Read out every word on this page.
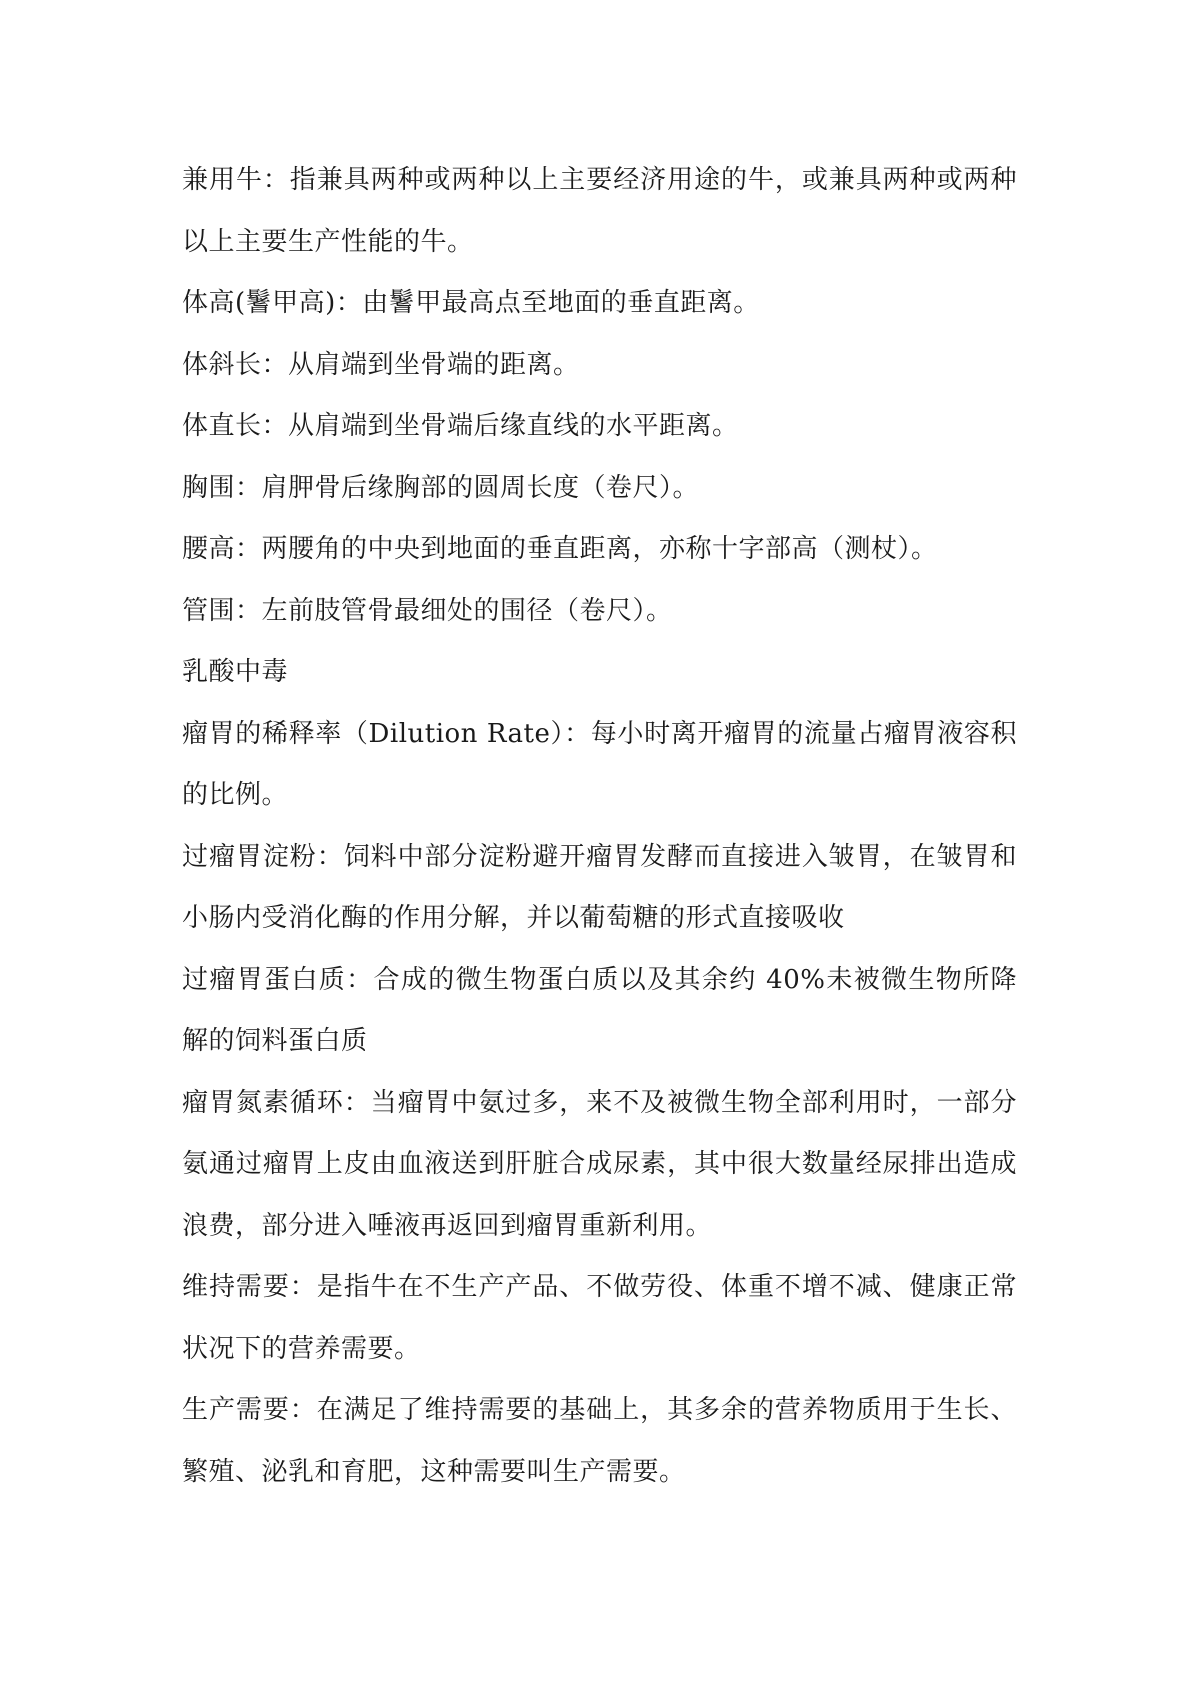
兼用牛：指兼具两种或两种以上主要经济用途的牛，或兼具两种或两种以上主要生产性能的牛。

体高(鬐甲高)：由鬐甲最高点至地面的垂直距离。

体斜长：从肩端到坐骨端的距离。

体直长：从肩端到坐骨端后缘直线的水平距离。

胸围：肩胛骨后缘胸部的圆周长度（卷尺）。

腰高：两腰角的中央到地面的垂直距离，亦称十字部高（测杖）。

管围：左前肢管骨最细处的围径（卷尺）。

乳酸中毒

瘤胃的稀释率（Dilution Rate）：每小时离开瘤胃的流量占瘤胃液容积的比例。

过瘤胃淀粉：饲料中部分淀粉避开瘤胃发酵而直接进入皱胃，在皱胃和小肠内受消化酶的作用分解，并以葡萄糖的形式直接吸收

过瘤胃蛋白质：合成的微生物蛋白质以及其余约 40%未被微生物所降解的饲料蛋白质

瘤胃氮素循环：当瘤胃中氨过多，来不及被微生物全部利用时，一部分氨通过瘤胃上皮由血液送到肝脏合成尿素，其中很大数量经尿排出造成浪费，部分进入唾液再返回到瘤胃重新利用。

维持需要：是指牛在不生产产品、不做劳役、体重不增不减、健康正常状况下的营养需要。

生产需要：在满足了维持需要的基础上，其多余的营养物质用于生长、繁殖、泌乳和育肥，这种需要叫生产需要。
